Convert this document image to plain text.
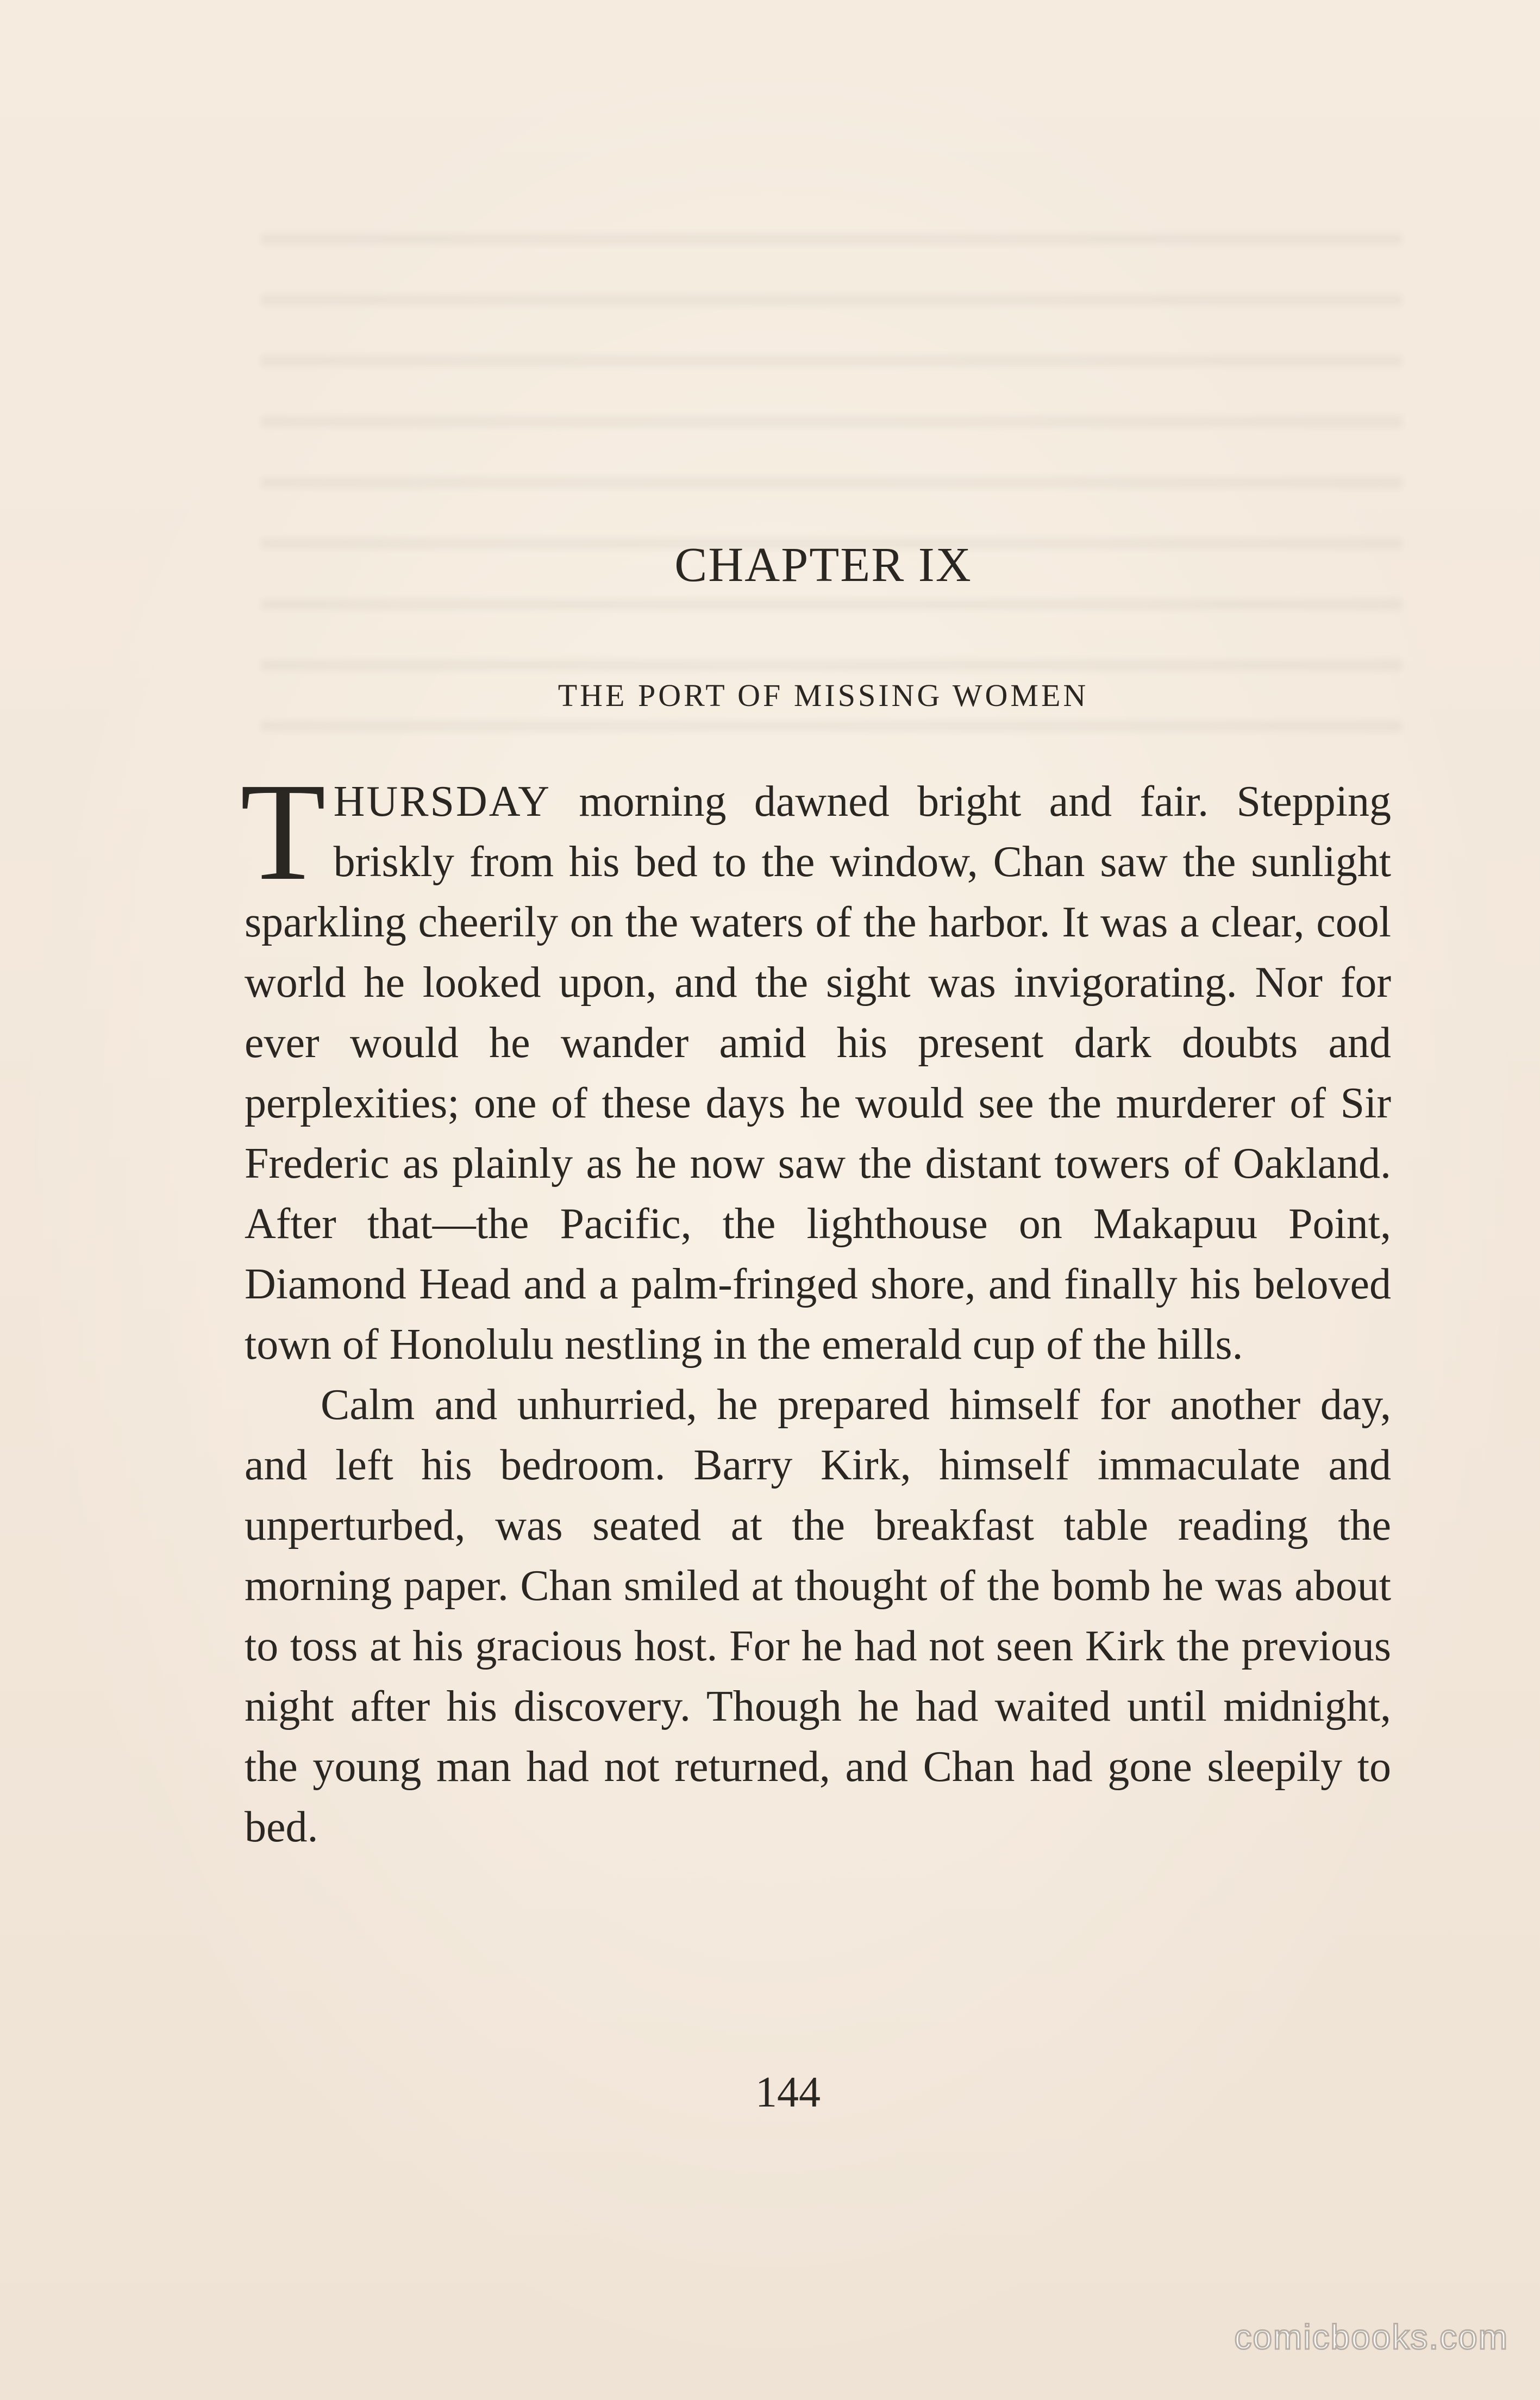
CHAPTER IX
THE PORT OF MISSING WOMEN

THURSDAY morning dawned bright and fair. Stepping briskly from his bed to the window, Chan saw the sunlight sparkling cheerily on the waters of the harbor. It was a clear, cool world he looked upon, and the sight was invigorating. Nor for ever would he wander amid his present dark doubts and perplexities; one of these days he would see the murderer of Sir Frederic as plainly as he now saw the distant towers of Oakland. After that—the Pacific, the lighthouse on Makapuu Point, Diamond Head and a palm-fringed shore, and finally his beloved town of Honolulu nestling in the emerald cup of the hills.

Calm and unhurried, he prepared himself for another day, and left his bedroom. Barry Kirk, himself immaculate and unperturbed, was seated at the breakfast table reading the morning paper. Chan smiled at thought of the bomb he was about to toss at his gracious host. For he had not seen Kirk the previous night after his discovery. Though he had waited until midnight, the young man had not returned, and Chan had gone sleepily to bed.

144
comicbooks.com
